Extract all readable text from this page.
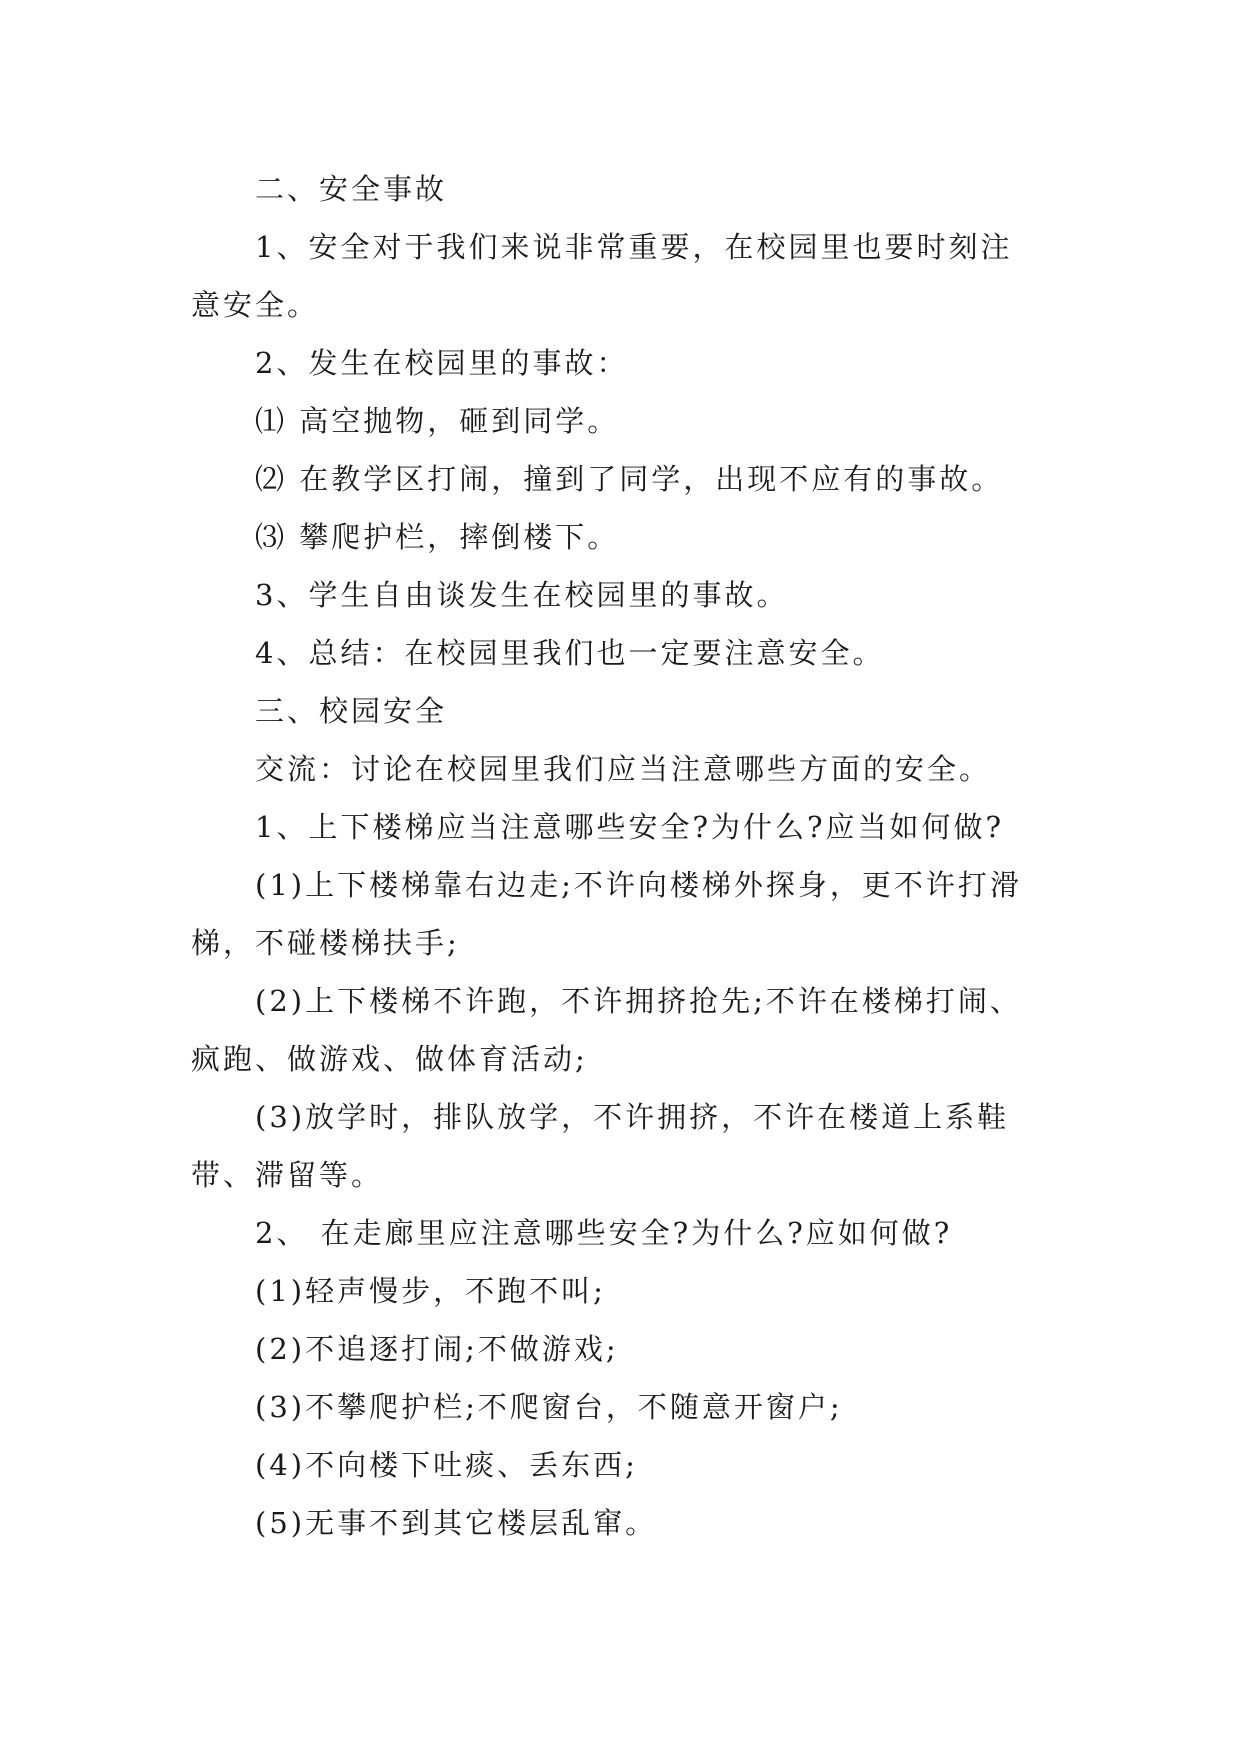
二、安全事故
1、安全对于我们来说非常重要，在校园里也要时刻注
意安全。
2、发生在校园里的事故：
⑴ 高空抛物，砸到同学。
⑵ 在教学区打闹，撞到了同学，出现不应有的事故。
⑶ 攀爬护栏，摔倒楼下。
3、学生自由谈发生在校园里的事故。
4、总结：在校园里我们也一定要注意安全。
三、校园安全
交流：讨论在校园里我们应当注意哪些方面的安全。
1、上下楼梯应当注意哪些安全?为什么?应当如何做?
(1)上下楼梯靠右边走;不许向楼梯外探身，更不许打滑
梯，不碰楼梯扶手;
(2)上下楼梯不许跑，不许拥挤抢先;不许在楼梯打闹、
疯跑、做游戏、做体育活动;
(3)放学时，排队放学，不许拥挤，不许在楼道上系鞋
带、滞留等。
2、 在走廊里应注意哪些安全?为什么?应如何做?
(1)轻声慢步，不跑不叫;
(2)不追逐打闹;不做游戏;
(3)不攀爬护栏;不爬窗台，不随意开窗户;
(4)不向楼下吐痰、丢东西;
(5)无事不到其它楼层乱窜。
